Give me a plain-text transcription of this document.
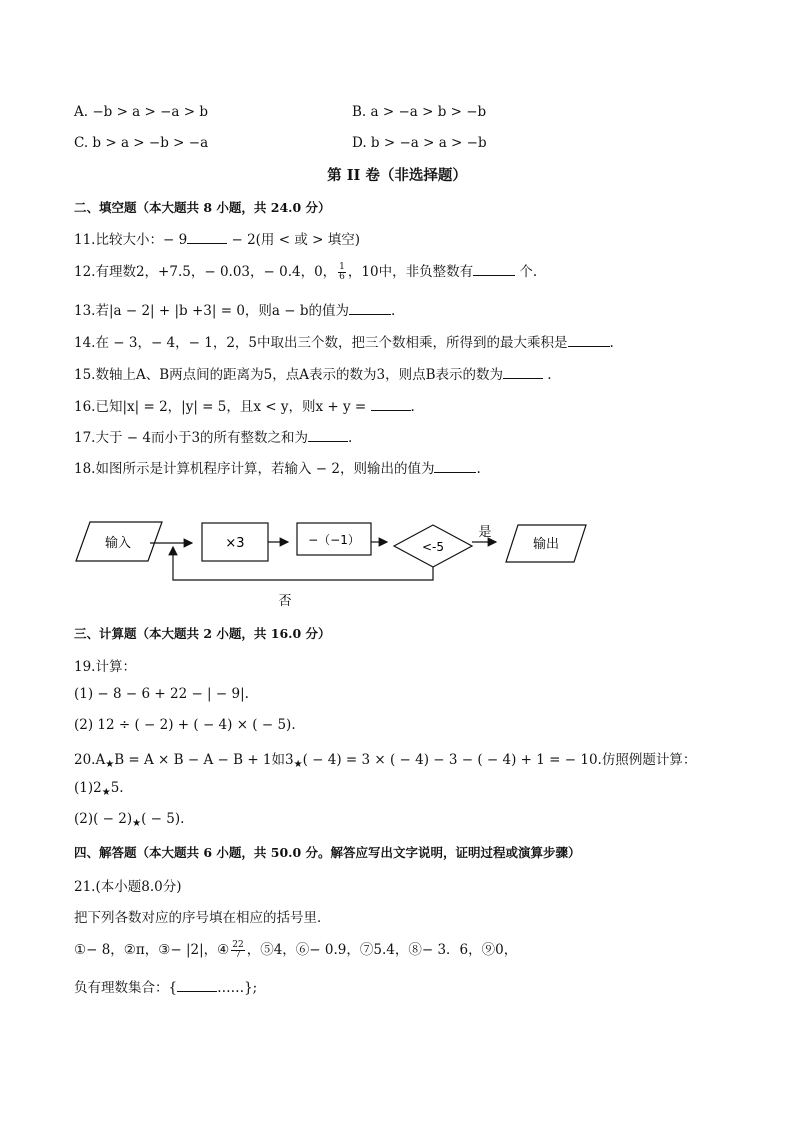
A. −b > a > −a > b	B. a > −a > b > −b
C. b > a > −b > −a	D. b > −a > a > −b
第 II 卷（非选择题）
二、填空题（本大题共 8 小题，共 24.0 分）
11.比较大小：− 9	− 2(用 < 或 > 填空)
12.有理数2，+7.5，− 0.03，− 0.4，0， $\frac{1}{6}$ ，10中，非负整数有	个.
13.若|a − 2| + |b +3| = 0，则a − b的值为	.
14.在 − 3，− 4，− 1，2，5中取出三个数，把三个数相乘，所得到的最大乘积是	.
15.数轴上A、B两点间的距离为5，点A表示的数为3，则点B表示的数为	.
16.已知|x| = 2，|y| = 5，且x < y，则x + y =	.
17.大于 − 4而小于3的所有整数之和为	.
18.如图所示是计算机程序计算，若输入 − 2，则输出的值为	.
输入	×3	−（−1）	<-5
是
输出
否
三、计算题（本大题共 2 小题，共 16.0 分）
19.计算：
(1) − 8 − 6 + 22 − | − 9|.
(2) 12 ÷ ( − 2) + ( − 4) × ( − 5).
$20.A_★B = A \times B - A - B + 1$如$3_★( - 4) = 3$ × ( − 4) − 3 − ( − 4) + 1 = − 10.仿照例题计算：
$(1)2_★5$.
$(2)( - 2)_★( - 5)$.
四、解答题（本大题共 6 小题，共 50.0 分。解答应写出文字说明，证明过程或演算步骤）
21.(本小题8.0分)
把下列各数对应的序号填在相应的括号里．
①− 8，②π，③− |2|，④ $\frac{22}{7}$ ，⑤4，⑥− 0.9，⑦5.4，⑧− 3．6，⑨0，
负有理数集合：{	……};
